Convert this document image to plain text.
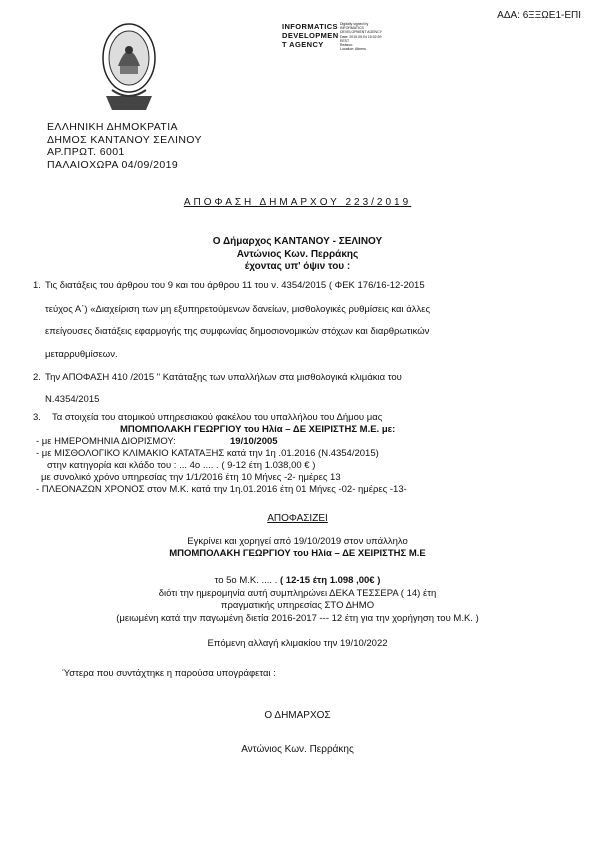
ΑΔΑ: 6ΞΞΩΕ1-ΕΠΙ
INFORMATICS
DEVELOPMEN
T AGENCY
Digitally signed by
INFORMATICS
DEVELOPMENT AGENCY
Date: 2019.09.04 15:02:39
EEST
Reason:
Location: Athens
ΕΛΛΗΝΙΚΗ ΔΗΜΟΚΡΑΤΙΑ
ΔΗΜΟΣ ΚΑΝΤΑΝΟΥ ΣΕΛΙΝΟΥ
ΑΡ.ΠΡΩΤ. 6001
ΠΑΛΑΙΟΧΩΡΑ 04/09/2019
ΑΠΟΦΑΣΗ ΔΗΜΑΡΧΟΥ 223/2019
Ο Δήμαρχος ΚΑΝΤΑΝΟΥ - ΣΕΛΙΝΟΥ
Αντώνιος Κων. Περράκης
έχοντας υπ' όψιν του :
1. Τις διατάξεις του άρθρου του 9 και του άρθρου 11 του ν. 4354/2015 ( ΦΕΚ 176/16-12-2015
τεύχος Α΄) «Διαχείριση των μη εξυπηρετούμενων δανείων, μισθολογικές ρυθμίσεις και άλλες
επείγουσες διατάξεις εφαρμογής της συμφωνίας δημοσιονομικών στόχων και διαρθρωτικών
μεταρρυθμίσεων.
2. Την ΑΠΟΦΑΣΗ 410 /2015 " Κατάταξης των υπαλλήλων στα μισθολογικά κλιμάκια του
Ν.4354/2015
3. Τα στοιχεία του ατομικού υπηρεσιακού φακέλου του υπαλλήλου του Δήμου μας
ΜΠΟΜΠΟΛΑΚΗ ΓΕΩΡΓΙΟΥ του Ηλία – ΔΕ ΧΕΙΡΙΣΤΗΣ Μ.Ε. με:
- με ΗΜΕΡΟΜΗΝΙΑ ΔΙΟΡΙΣΜΟΥ:	19/10/2005
- με ΜΙΣΘΟΛΟΓΙΚΟ ΚΛΙΜΑΚΙΟ ΚΑΤΑΤΑΞΗΣ κατά την 1η .01.2016 (Ν.4354/2015)
στην κατηγορία και κλάδο του : ... 4ο .... . ( 9-12 έτη 1.038,00 € )
με συνολικό χρόνο υπηρεσίας την 1/1/2016 έτη 10 Μήνες -2- ημέρες 13
- ΠΛΕΟΝΑΖΩΝ ΧΡΟΝΟΣ στον Μ.Κ. κατά την 1η.01.2016 έτη 01 Μήνες -02- ημέρες -13-
ΑΠΟΦΑΣΙΖΕΙ
Εγκρίνει και χορηγεί από 19/10/2019 στον υπάλληλο
ΜΠΟΜΠΟΛΑΚΗ ΓΕΩΡΓΙΟΥ του Ηλία – ΔΕ ΧΕΙΡΙΣΤΗΣ Μ.Ε
το 5ο Μ.Κ. .... . ( 12-15 έτη 1.098 ,00€ )
διότι την ημερομηνία αυτή συμπληρώνει ΔΕΚΑ ΤΕΣΣΕΡΑ ( 14) έτη
πραγματικής υπηρεσίας ΣΤΟ ΔΗΜΟ
(μειωμένη κατά την παγωμένη διετία 2016-2017 --- 12 έτη για την χορήγηση του Μ.Κ. )
Επόμενη αλλαγή κλιμακίου την 19/10/2022
Ύστερα που συντάχτηκε η παρούσα υπογράφεται :
Ο ΔΗΜΑΡΧΟΣ
Αντώνιος Κων. Περράκης
